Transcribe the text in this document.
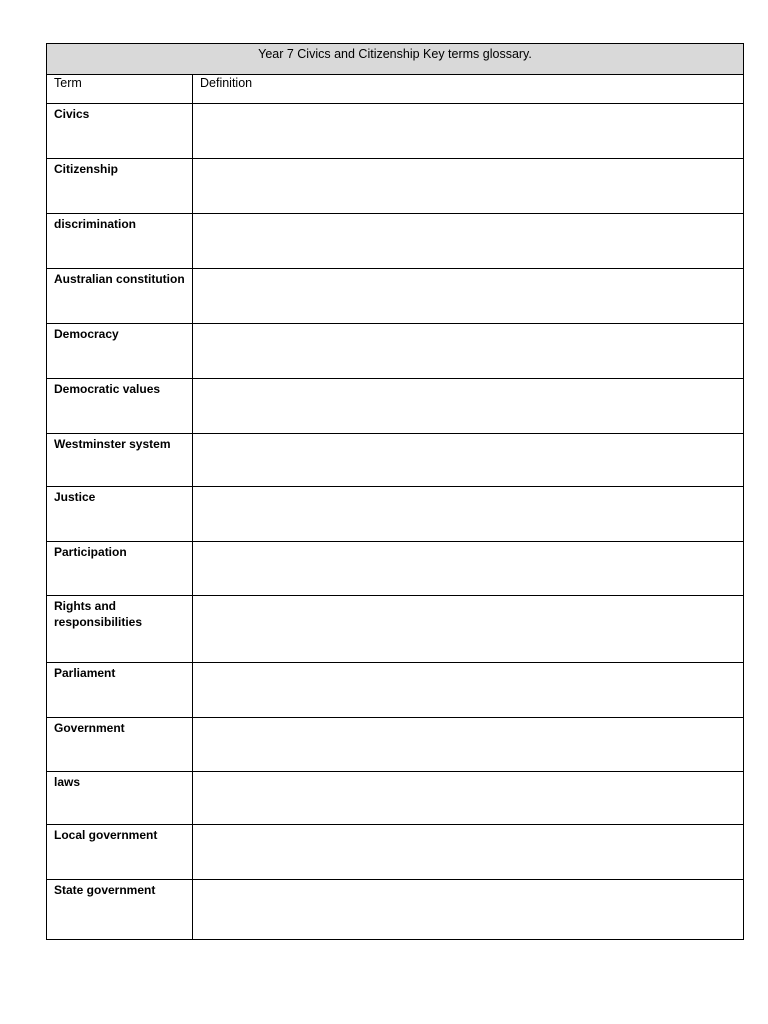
Year 7 Civics and Citizenship Key terms glossary.	
Term	Definition
Civics	
Citizenship	
discrimination	
Australian constitution	
Democracy	
Democratic values	
Westminster system	
Justice	
Participation	
Rights and responsibilities	
Parliament	
Government	
laws	
Local government	
State government	
